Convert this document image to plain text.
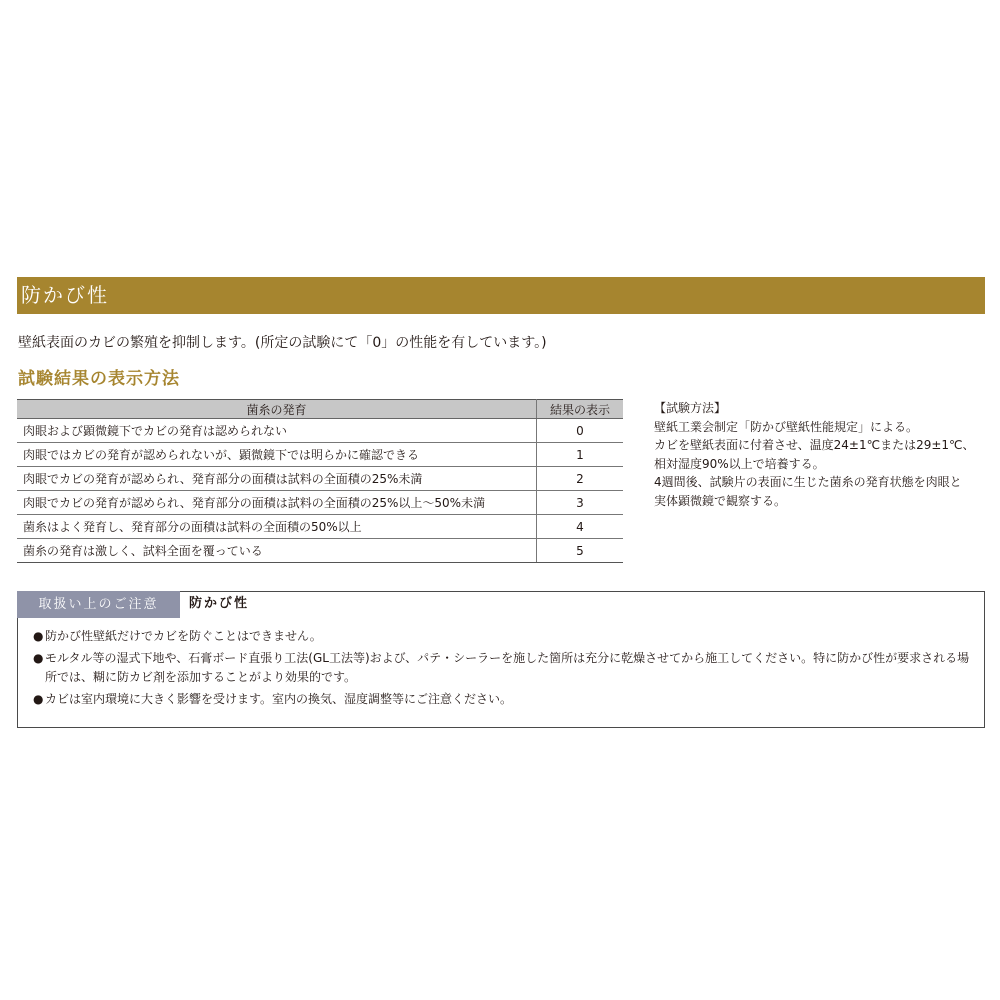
防かび性
壁紙表面のカビの繁殖を抑制します。(所定の試験にて「0」の性能を有しています。)
試験結果の表示方法
菌糸の発育	結果の表示
肉眼および顕微鏡下でカビの発育は認められない	0
肉眼ではカビの発育が認められないが、顕微鏡下では明らかに確認できる	1
肉眼でカビの発育が認められ、発育部分の面積は試料の全面積の25%未満	2
肉眼でカビの発育が認められ、発育部分の面積は試料の全面積の25%以上～50%未満	3
菌糸はよく発育し、発育部分の面積は試料の全面積の50%以上	4
菌糸の発育は激しく、試料全面を覆っている	5
【試験方法】
壁紙工業会制定「防かび壁紙性能規定」による。
カビを壁紙表面に付着させ、温度24±1℃または29±1℃、
相対湿度90%以上で培養する。
4週間後、試験片の表面に生じた菌糸の発育状態を肉眼と
実体顕微鏡で観察する。
取扱い上のご注意	防かび性
● 防かび性壁紙だけでカビを防ぐことはできません。
● モルタル等の湿式下地や、石膏ボード直張り工法(GL工法等)および、パテ・シーラーを施した箇所は充分に乾燥させてから施工してください。特に防かび性が要求される場所では、糊に防カビ剤を添加することがより効果的です。
● カビは室内環境に大きく影響を受けます。室内の換気、湿度調整等にご注意ください。
